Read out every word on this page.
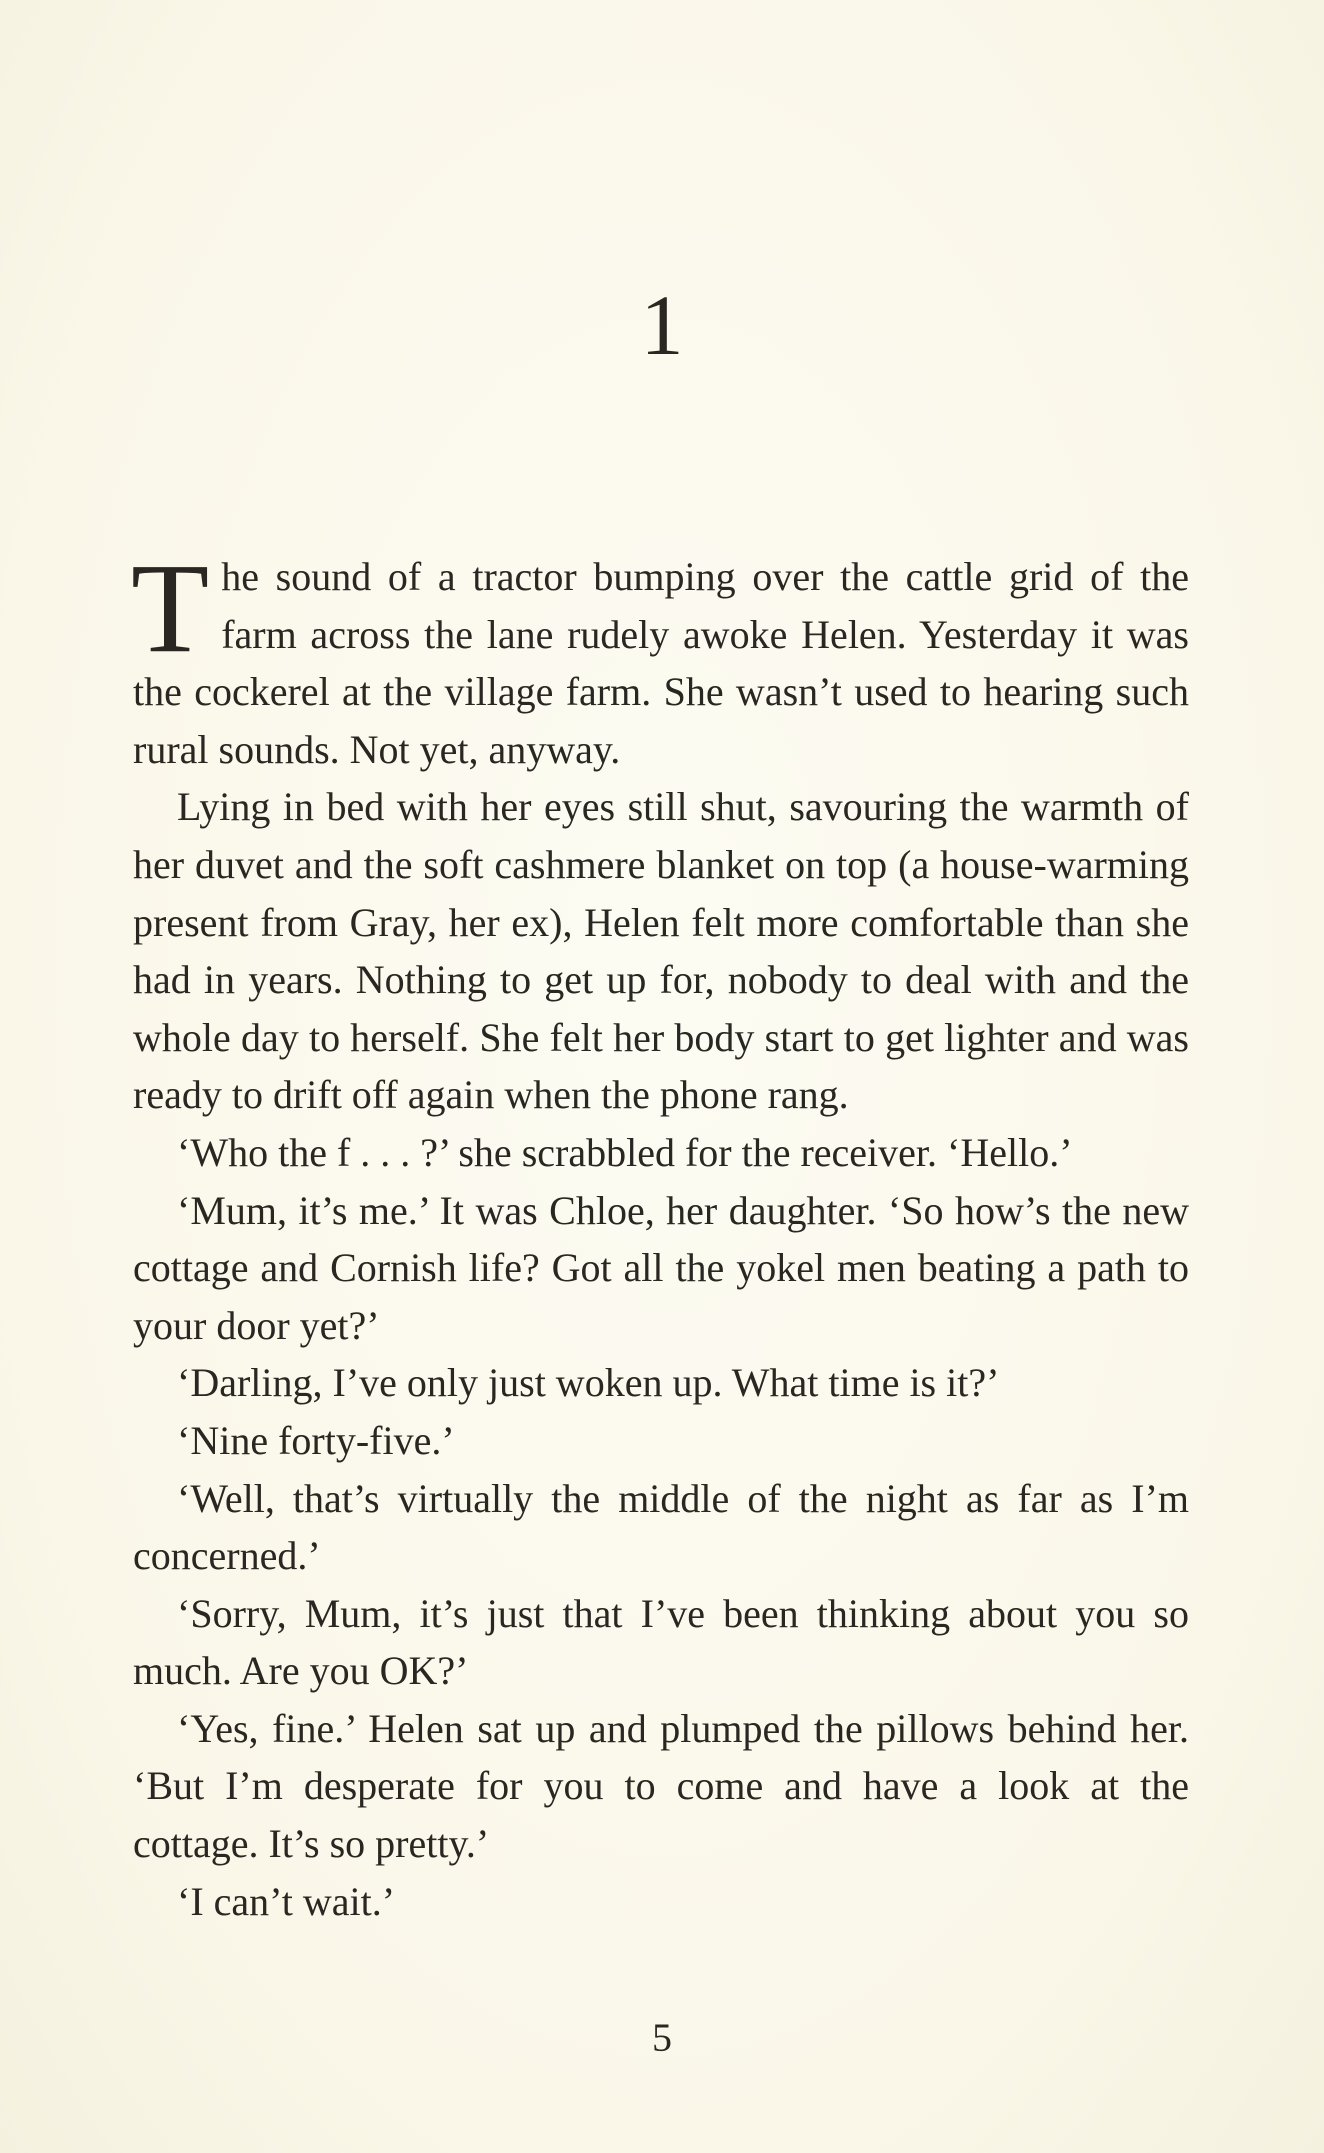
1

The sound of a tractor bumping over the cattle grid of the farm across the lane rudely awoke Helen. Yesterday it was the cockerel at the village farm. She wasn’t used to hearing such rural sounds. Not yet, anyway.

Lying in bed with her eyes still shut, savouring the warmth of her duvet and the soft cashmere blanket on top (a house-warming present from Gray, her ex), Helen felt more comfortable than she had in years. Nothing to get up for, nobody to deal with and the whole day to herself. She felt her body start to get lighter and was ready to drift off again when the phone rang.

‘Who the f . . . ?’ she scrabbled for the receiver. ‘Hello.’

‘Mum, it’s me.’ It was Chloe, her daughter. ‘So how’s the new cottage and Cornish life? Got all the yokel men beating a path to your door yet?’

‘Darling, I’ve only just woken up. What time is it?’

‘Nine forty-five.’

‘Well, that’s virtually the middle of the night as far as I’m concerned.’

‘Sorry, Mum, it’s just that I’ve been thinking about you so much. Are you OK?’

‘Yes, fine.’ Helen sat up and plumped the pillows behind her. ‘But I’m desperate for you to come and have a look at the cottage. It’s so pretty.’

‘I can’t wait.’

5
